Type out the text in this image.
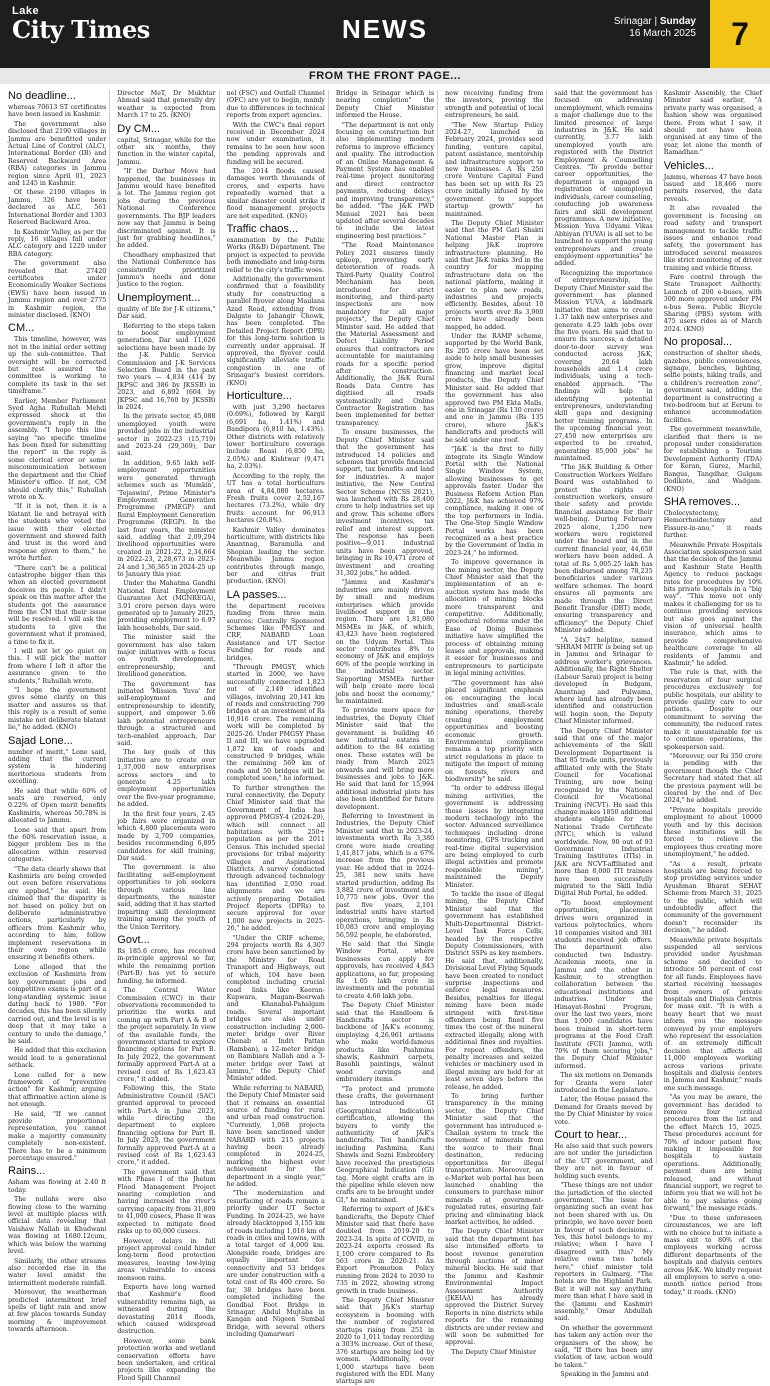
Lake
City Times	NEWS	Srinagar | Sunday
16 March 2025	7
FROM THE FRONT PAGE...
No deadline...

whereas 70613 ST certificates have been issued in Kashmir.

The government also disclosed that 2190 villages in Jammu are benefitted under Actual Line of Control (ALC), International Border (IB) and Reserved Backward Area (RBA) categories in Jammu region since April 01, 2023 and 1245 in Kashmir.

Of these 2190 villages in Jammu, 326 have been declared as ALC, 561 International Border and 1303 Reserved Backward Area.

In Kashmir Valley, as per the reply, 16 villages fall under ALC category and 1229 under RBA category.

The government also revealed that 27420 certificates under Economically Weaker Sections (EWS) have been issued in Jammu region and over 2775 in Kashmir region, the minister disclosed. (KNO)

CM...

This timeline, however, was not in the initial order setting up the sub-committee. That oversight will be corrected but rest assured the committee is working to complete its task in the set timeframe."

Earlier, Member Parliament Syed Agha Ruhullah Mehdi expressed shock at the government's reply in the assembly. "I hope this line saying "no specific timeline has been fixed for submitting the report" in the reply is some clerical error or some miscommunication between the department and the Chief Minister's office. If not, CM should clarify this," Ruhullah wrote on X.

"If it is not, then it is a blatant lie and betrayal with the students who voted the issue with their elected government and showed faith and trust in the word and response given to them," he wrote further.

"There can't be a political catastrophe bigger than this when an elected government deceives its people. I didn't speak on this matter after the students got the assurance from the CM that their issue will be resolved. I will ask the students to give the government what it promised, a time to fix it.

I will not let go quiet on this. I will pick the matter from where I left it after the assurance given to the students," Ruhullah wrote.

"I hope the government gives some clarity on this matter and assures us that this reply is a result of some mistake not deliberate blatant lie," he added. (KNO)

Sajad Lone...

number of merit," Lone said, adding that the current system is hindering meritorious students from excelling.

He said that while 60% of seats are reserved, only 0.22% of Open merit benefits Kashmiris, whereas 50.78% is allocated to Jammu.

Lone said that apart from the 60% reservation issue, a bigger problem lies in the allocation within reserved categories.

"The data clearly shows that Kashmiris are being crowded out even before reservations are applied," he said. He claimed that the disparity is not based on policy but on deliberate administrative actions, particularly by officers from Kashmir who, according to him, follow implement reservations in their own region while ensuring it benefits others.

Lone alleged that the exclusion of Kashmiris from key government jobs and competitive exams is part of a long-standing systemic issue dating back to 1989. "For decades, this has been silently carried out, and the level is so deep that it may take a century to undo the damage," he said.

He added that this exclusion would lead to a generational setback.

Lone called for a new framework of "preventive action" for Kashmir, arguing that affirmative action alone is not enough.

He said, "If we cannot provide proportional representation, you cannot make a majority community completely non-existent. There has to be a minimum percentage ensured."

Rains...

Asham was flowing at 2.40 ft today.

The nullahs were also flowing close to the warning level at multiple places with official data revealing that Vaishaw Nallah in Khudwani was flowing at 1680.12cum, which was below the warning level.

Similarly, the other streams also recorded rise in the water level amidst the intermittent moderate rainfall.

Moreover, the weatherman predicted intermittent brief spells of light rain and snow at few places towards Sunday morning & improvement towards afternoon.

Director MeT, Dr Mukhtar Ahmad said that generally dry weather is expected from March 17 to 25. (KNO)

Dy CM...

capital, Srinagar, while for the other six months, they function in the winter capital, Jammu.

"If the Darbar Move had happened, the businesses in Jammu would have benefited a lot. The Jammu region got jobs during the previous National Conference governments. The BJP leaders now say that Jammu is being discriminated against. It is just for grabbing headlines," he added.

Choudhary emphasized that the National Conference has consistently prioritized Jammu's needs and done justice to the region.

Unemployment...

quality of life for J-K citizens," Dar said.

Referring to the steps taken to boost employment generation, Dar said 11,626 selections have been made by the J-K Public Service Commission and J-K Services Selection Board in the past two years — 4,834 (414 by JKPSC and 386 by JKSSB) in 2023, and 6,892 (604 by JKPSC and 16,760 by JKSSB) in 2024.

In the private sector, 45,088 unemployed youth were provided jobs in the industrial sector in 2022-23 (15,719) and 2023-24 (29,369), Dar said.

In addition, 9.65 lakh self-employment opportunities were generated through schemes such as 'Mumkin', 'Tejaswini', Prime Minister's Employment Generation Programme (PMEGP) and Rural Employment Generation Programme (REGP). In the last four years, the minister said, adding that 2,09,294 livelihood opportunities were created in 2021-22, 2,34,664 in 2022-23, 2,28,673 in 2023-24 and 1,36,365 in 2024-25 up to January this year.

Under the Mahatma Gandhi National Rural Employment Guarantee Act (MGNREGA), 3.01 crore person days were generated up to January 2025, providing employment to 6.97 lakh households, Dar said.

The minister said the government has also taken major initiatives with a focus on youth development, entrepreneurship, and livelihood generation.

The government has initiated 'Mission Yuva' for self-employment and entrepreneurship to identify, support, and empower 5.66 lakh potential entrepreneurs through a structured and tech-enabled approach, Dar said.

The key goals of this initiative are to create over 1,37,000 new enterprises across sectors and to generate 4.25 lakh employment opportunities over the five-year programme, he added.

In the first four years, 2.45 job fairs were organized in which 4,800 placements were made by 2,709 companies, besides recommending 6,895 candidates for skill training, Dar said.

The government is also facilitating self-employment opportunities to job seekers through various line departments, the minister said, adding that it has started imparting skill development training among the youth of the Union Territory.

Govt...

Rs 185.6 crore, has received in-principle approval so far, while the remaining portion (Part-B) has yet to secure funding, he informed.

The Central Water Commission (CWC) in their observations recommended to prioritize the works and coming up with Part A & B of the project separately. In view of the available funds, the government started to explore financing options for Part B. In July 2022, the government formally approved Part-A at a revised cost of Rs 1,623.43 crore," it added.

Following this, the State Administrative Council (SAC) granted approval to proceed with Part-A in June 2023, while directing the department to explore financing options for Part B. In July 2023, the government formally approved Part-A at a revised cost of Rs 1,623.43 crore," it added.

The government said that with Phase I of the Jhelum Flood Management Project nearing completion and having increased the river's carrying capacity from 31,800 to 41,000 cusecs, Phase II was expected to mitigate flood risks up to 60,000 cusecs.

However, delays in full project approval could hinder long-term flood protection measures, leaving low-lying areas vulnerable to excess monsoon rains.

Experts have long warned that Kashmir's flood vulnerability remains high, as witnessed during the devastating 2014 floods, which caused widespread destruction.

However, some bank protection works and wetland conservation efforts have been undertaken, and critical projects like expanding the Flood Spill Channel

nel (FSC) and Outfall Channel (OFC) are yet to begin, mainly due to differences in technical reports from expert agencies.

With the CWC's final report received in December 2024 now under examination, it remains to be seen how soon the pending approvals and funding will be secured.

The 2014 floods caused damages worth thousands of crores, and experts have repeatedly warned that a similar disaster could strike if flood management projects are not expedited. (KNO)

Traffic chaos...

examination by the Public Works (R&B) Department. The project is expected to provide both immediate and long-term relief to the city's traffic woes.

Additionally, the government confirmed that a feasibility study for constructing a parallel flyover along Maulana Azad Road, extending from Dalgate to Jahangir Chowk, has been completed. The Detailed Project Report (DPR) for this long-term solution is currently under appraisal. If approved, the flyover could significantly alleviate traffic congestion in one of Srinagar's busiest corridors. (KNO)

Horticulture...

with just 3,290 hectares (0.69%), followed by Kargil (6,691 ha, 1.41%) and Bandipora (6,810 ha, 1.43%). Other districts with relatively lower horticulture coverage include Reasi (6,850 ha, 2.05%) and Kishtwar (9,471 ha, 2.03%).

According to the reply, the UT has a total horticulture area of 4,84,080 hectares. Fresh fruits cover 2,52,167 hectares (73.2%), while dry fruits account for 96,913 hectares (26.8%).

Kashmir Valley dominates horticulture, with districts like Anantnag, Baramulla and Shopian leading the sector. Meanwhile Jammu region contributes through mango, ber and citrus fruit production. (KNO)

LA passes...

the department receives funding from three main sources: Centrally Sponsored Schemes like PMGSY and CRF, NABARD Loan Assistance and UT Sector Funding for roads and bridges.

"Through PMGSY, which started in 2000, we have successfully connected 1,823 out of 2,149 identified villages, involving 20,141 km of roads and constructing 799 bridges at an investment of Rs 10,916 crore. The remaining work will be completed by 2025-26. Under PMGSY Phase II and III, we have upgraded 1,872 km of roads and constructed 9 bridges, while the remaining 569 km of roads and 50 bridges will be completed soon," he informed.

To further strengthen the rural connectivity, the Deputy Chief Minister said that the Government of India has approved PMGSY-4 (2024-29), which will connect all habitations with 250+ population as per the 2011 Census. This included special provisions for tribal majority villages and Aspirational Districts. A survey conducted through advanced technology has identified 2,050 road alignments and we are actively preparing Detailed Project Reports (DPRs) to secure approval for over 1,000 new projects in 2025-26," he added.

"Under the CRIF scheme, 294 projects worth Rs 4,307 crore have been sanctioned by the Ministry for Road Transport and Highways, out of which, 104 have been completed including crucial road links like Keeran-Kupwara, Magam-Beerwah and Khanabal-Pahalgam roads. Several important bridges are also under construction including 2,000-meter bridge over River Chenab at Indri Pattan (Ramban), a 12-meter bridge on Rambiara Nallah and a 3-meter bridge over Tawi at Jammu," the Deputy Chief Minister added.

While referring to NABARD, the Deputy Chief Minister said that it remains an essential source of funding for rural and urban road construction. "Currently, 1,068 projects have been sanctioned under NABARD with 215 projects having been already completed in 2024-25, marking the highest ever achievement for the department in a single year," he added.

"The modernization and resurfacing of roads remain a priority under UT Sector Funding. In 2024-25, we have already blacktopped 3,155 km of roads including 1,016 km of roads in cities and towns, with a total target of 4,000 km. Alongside roads, bridges are equally important for connectivity and 53 bridges are under construction with a total cost of Rs 400 crore. So far, 38 bridges have been completed including the Gondbal Foot Bridge in Srinagar, Abdul Mujtaba in Kangan and Nigeen Sumbal Bridge, with several others including Qamarwari

Bridge in Srinagar which is nearing completion" the Deputy Chief Minister informed the House.

"The department is not only focusing on construction but also implementing modern reforms to improve efficiency and quality. The introduction of an Online Management & Payment System has enabled real-time project monitoring and direct contractor payments, reducing delays and improving transparency," he added. "The J&K PWD Manual 2021 has been updated after several decades to include the latest engineering best practices."

"The Road Maintenance Policy 2021 ensures timely upkeep, preventing early deterioration of roads. A Third-Party Quality Control Mechanism has been introduced for strict monitoring, and third-party inspections are now mandatory for all major projects", the Deputy Chief Minister said. He added that the Material Assessment and Defect Liability Period ensures that contractors are accountable for maintaining roads for a specific period after construction. Additionally, the J&K Rural Roads Data Centre has digitised all roads systematically and Online Contractor Registration has been implemented for better transparency.

To ensure businesses, the Deputy Chief Minister said that the government has introduced 14 policies and schemes that provide financial support, tax benefits and land for industries. A major initiative, the New Central Sector Scheme (NCSS 2021), was launched with Rs 28,400 crore to help industries set up and grow. This scheme offers investment incentives, tax relief and interest support. The response has been positive—9,011 industrial units have been approved, bringing in Rs 10,471 crore of investment and creating 31,302 jobs," he added.

"Jammu and Kashmir's industries are mainly driven by small and medium enterprises which provide livelihood support in the region. There are 1,81,080 MSMEs in J&K, of which, 43,423 have been registered on the Udyam Portal. This sector contributes 8% to economy of J&K and employs 60% of the people working in the industrial sector. Supporting MSMEs further will help create more local jobs and boost the economy," he maintained.

To provide more space for industries, the Deputy Chief Minister said that the government is building 46 new industrial estates in addition to the 84 existing ones. These estates will be ready from March 2025 onwards and will bring more businesses and jobs to J&K. He said that land for 15,994 additional industrial plots has also been identified for future development.

Referring to Investment in Industries, the Deputy Chief Minister said that in 2023-24, investments worth Rs 3,380 crore were made creating 1,41,817 jobs, which is a 67% increase from the previous year. He added that in 2024-25, 381 new units have started production, adding Rs 3,882 crore of investment and 10,775 new jobs. Over the past five years, 2,101 industrial units have started operations, bringing in Rs 10,083 crore and employing 56,592 people, he elaborated.

He said that the Single Window Portal, where businesses can apply for approvals, has received 4,843 applications, so far, proposing Rs 1.05 lakh crore in investments and the potential to create 4.66 lakh jobs.

The Deputy Chief Minister said that the Handloom & Handicrafts sector is backbone of J&K's economy, employing 4,26,961 artisans who make world-famous products like Pashmina shawls, Kashmiri carpets, Basohli paintings, walnut wood carvings and embroidery items.

"To protect and promote these crafts, the government has introduced GI (Geographical Indication) certification, allowing the buyers to verify the authenticity of J&K's handicrafts. Ten handicrafts including Pashmina, Kani Shawls and Sozni Embroidery have received the prestigious Geographical Indication (GI) tag. More eight crafts are in the pipeline while eleven new crafts are to be brought under GI," he maintained.

Referring to export of J&K's handicrafts, the Deputy Chief Minister said that there have doubled from 2019-20 to 2023-24. In spite of COVID, in 2023-24 exports crossed Rs 1,100 crore compared to Rs 563 crore in 2020-21. An Export Promotion Policy running from 2024 to 2030 to 735 in 2022, showing strong growth in trade business.

The Deputy Chief Minister said that J&K's startup ecosystem is booming with the number of registered startups rising from 251 in 2020 to 1,011 today recording a 303% increase. Out of these, 376 startups are being led by women. Additionally, over 1,000 startups have been registered with the EDI. Many startups are

now receiving funding from the investors, proving the strength and potential of local entrepreneurs, he said.

"The New Startup Policy 2024-27, launched in February 2024, provides seed funding, venture capital, patent assistance, mentorship and infrastructure support to new businesses. A Rs 250 crore Venture Capital Fund has been set up with Rs 25 crore initially infused by the government to support startup growth" he maintained.

The Deputy Chief Minister said that the PM Gati Shakti National Master Plan is helping J&K improve infrastructure planning. He said that J&K ranks 3rd in the country for mapping infrastructure data on the national platform, making it easier to plan new roads, industries and projects efficiently. Besides, about 10 projects worth over Rs 3,900 crore have already been mapped, he added.

Under the RAMP scheme, supported by the World Bank, Rs 205 crore have been set aside to help small businesses grow, improve digital financing and market local products, the Deputy Chief Minister said. He added that the government has also approved two PM Ekta Malls, one in Srinagar (Rs 130 crore) and one in Jammu (Rs 135 crore), where J&K's handicrafts and products will be sold under one roof.

"J&K is the first to fully integrate its Single Window Portal with the National Single Window System, allowing businesses to get approvals faster. Under the Business Reform Action Plan 2022, J&K has achieved 97% compliance, making it one of the top performers in India. The One-Stop Single Window Portal works has been recognized as a best practice by the Government of India in 2023-24," he informed.

To improve governance in the mining sector, the Deputy Chief Minister said that the implementation of an e-auction system has made the allocation of mining blocks more transparent and competitive. Additionally, procedural reforms under the Ease of Doing Business initiative have simplified the process of obtaining mining leases and approvals, making it easier for businesses and entrepreneurs to participate in legal mining activities.

"The government has also placed significant emphasis on encouraging the local industries and small-scale mining operations, thereby creating employment opportunities and boosting economic growth. Environmental compliance remains a top priority with strict regulations in place to mitigate the impact of mining on forests, rivers and biodiversity" he said.

"In order to address illegal mining activities, the government is addressing these issues by integrating modern technology into the sector. Advanced surveillance techniques including drone monitoring, GPS tracking and real-time digital supervision are being employed to curb illegal activities and promote responsible mining", maintained the Deputy Minister.

To tackle the issue of illegal mining, the Deputy Chief Minister said that the government has established Multi-Departmental District-Level Task Force Cells, headed by the respective Deputy Commissioners, with District SSPs as key members. He said that, additionally, Divisional Level Flying Squads have been created to conduct surprise inspections and enforce legal measures. Besides, penalties for illegal mining have been made stringent with first-time offenders being fined five times the cost of the mineral extracted illegally, along with additional fines and royalties. For repeat offenders, the penalty increases and seized vehicles or machinery used in illegal mining are held for at least seven days before the release, he added.

To bring further transparency in the mining sector, the Deputy Chief Minister said that the government has introduced e-Challan system to track the movement of minerals from the source to their final destination, reducing opportunities for illegal transportation. Moreover, an e-Market web portal has been launched enabling the consumers to purchase minor minerals at government-regulated rates, ensuring fair pricing and eliminating black market activities, he added.

The Deputy Chief Minister said that the department has also intensified efforts to boost revenue generation through auctions of minor mineral blocks. He said that the Jammu and Kashmir Environmental Impact Assessment Authority (JKEIAA) has already approved the District Survey Reports in nine districts while reports for the remaining districts are under review and will soon be submitted for approval.

The Deputy Chief Minister

said that the government has focused on addressing unemployment, which remains a major challenge due to the limited presence of large industries in J&K. He said currently, 3.77 lakh unemployed youth are registered with the District Employment & Counselling Centres. "To provide better career opportunities, the department is engaged in registration of unemployed individuals, career counseling, conducting job awareness fairs and skill development programmes. A new initiative, Mission Yuva Udyami Vikas Abhiyan (YUVA) is all set to be launched to support the young entrepreneurs and create employment opportunities" he added.

Recognizing the importance of entrepreneurship, the Deputy Chief Minister said the government has planned Mission YUVA, a landmark initiative that aims to create 1.37 lakh new enterprises and generate 4.25 lakh jobs over the five years. He said that to ensure its success, a detailed door-to-door survey was conducted across J&K, covering 20.64 lakh households and 1.4 crore individuals, using a tech-enabled approach. "The findings will help in identifying potential entrepreneurs, understanding skill gaps and designing better training programs. In the upcoming financial year, 27,450 new enterprises are expected to be created, generating 85,000 jobs" he maintained.

"The J&K Building & Other Construction Workers Welfare Board was established to protect the rights of construction workers, ensure their safety and provide financial assistance for their well-being. During February 2025 alone, 1,250 new workers were registered under the board and in the current financial year, 44,658 workers have been added. A total of Rs 5,005.25 lakh has been disbursed among 78,235 beneficiaries under various welfare schemes. The board ensures all payments are made through the Direct Benefit Transfer (DBT) mode, ensuring transparency and efficiency" the Deputy Chief Minister added.

"A 24x7 helpline, named 'SHRAM MITR' is being set up in Jammu and Srinagar to address worker's grievances. Additionally, the Right Shelter (Labour Sarai) project is being developed in Budgam, Anantnag and Pulwama, where land has already been identified and construction will begin soon, the Deputy Chief Minister informed.

The Deputy Chief Minister said that one of the major achievements of the Skill Development Department is that 85 trade units, previously affiliated only with the State Council for Vocational Training, are now being recognized by the National Council for Vocational Training (NCVT). He said this change makes 1850 additional students eligible for the National Trade Certificate (NTC), which is valued worldwide. Now, 90 out of 93 Government Industrial Training Institutes (ITIs) in J&K are NCVT-affiliated and more than 8,000 ITI trainees have been successfully migrated to the Skill India Digital Hub Portal, he added.

"To boost employment opportunities, placement drives were organized in various polytechnics, where 10 companies visited and 381 students received job offers. The department also conducted two Industry-Academia meets, one in Jammu and the other in Kashmir, to strengthen collaboration between the educational institutions and industries. Under the Himayat-Roshni Program, over the last two years, more than 1,000 candidates have been trained in short-term programs at the Food Craft Institute (FCI) Jammu, with 70% of them securing jobs," the Deputy Chief Minister informed.

The six motions on Demands for Grants were later introduced in the Legislature.

Later, the House passed the Demand for Grants moved by the Dy Chief Minister by voice vote.

Court to hear...

He also said that such powers are not under the jurisdiction of the UT government, and they are not in favour of holding such events.

"These things are not under the jurisdiction of the elected government. The issue for organizing such an event has not been shared with us. On principle, we have never been in favour of such decisions... Yes, this hotel belongs to my relative; when I have I disagreed with this? My relative owns two hotels here," chief minister told reporters in Gulmarg. "The hotels are the Highland Park. But it will not say anything more than what I have said in the (Jammu and Kashmir) assembly," Omar Abdullah said.

On whether the government has taken any action over the organisers of the show, he said, "If there has been any violation of law, action would be taken."

Speaking in the Jammu and

Kashmir Assembly, the Chief Minister said earlier, "A private party was organised, a fashion show was organised there. From what I saw, it should not have been organised at any time of the year, let alone the month of Ramadhan."

Vehicles...

Jammu, whereas 47 have been issued and 18,466 more permits reserved, the data reveals.

It also revealed the government is focusing on road safety and transport management to tackle traffic issues and enhance road safety, the government has introduced several measures like strict monitoring of driver training and vehicle fitness.

Fare control through the State Transport Authority. Launch of 200 e-buses, with 300 more approved under PM e-bus Sewa. Public Bicycle Sharing (PBS) system with 475 users rides as of March 2024. (KNO)

No proposal...

construction of shelter sheds, gazebos, public conveniences, signage, benches, lighting, selfie points, hiking trails, and a children's recreation zone", government said, adding the department is constructing a two-bedroom hut at Eerum to enhance accommodation facilities.

The government meanwhile, clarified that there is no proposal under consideration for establishing a Tourism Development Authority (TDA) for Keran, Gurez, Machil, Bangus, Tangdhar, Gulgam Dodikote, and Wadgam. (KNO)

SHA removes...

Cholecystectomy, Hemorrhoidectomy and Fissure-in-ano," it reads further.

Meanwhile Private Hospitals Association spokesperson said that the decision of the Jammu and Kashmir State Health Agency to reduce package rates for procedures by 10% hits private hospitals in a "big way". "This move not only makes it challenging for us to continue providing services but also goes against the vision of universal health insurance, which aims to provide comprehensive healthcare coverage to all residents of Jammu and Kashmir," he added.

The rule is that, with the reservation of four surgical procedures exclusively for public hospitals, our ability to provide quality care to our patients. Despite our commitment to serving the community, the reduced rates make it unsustainable for us to continue operations, the spokesperson said.

"Moreover, our Rs 350 crore is pending with the government though the Chief Secretary had stated that all the previous payment will be cleared by the end of Dec 2024," he added.

"Private hospitals provide employment to about 10000 youth and by this decision these institutions will be forced to relieve the employees thus creating more unemployment," he added.

"As a result, private hospitals are being forced to stop providing services under Ayushman Bharat SEHAT Scheme from March 31, 2025 to the public, which will undoubtedly affect the community of the government doesn't reconsider its decision," he added.

Meanwhile private hospitals suspended all services provided under Ayushman scheme and decided to introduce 50 percent of cost for all funds. Employees have started receiving messages from owners of private hospitals and Dialysis Centres for mass exit. "It is with a heavy heart that we must inform you the message conveyed by your employers who represent the association of an extremely difficult decision that affects all 11,000 employees working across various private hospitals and dialysis centers in Jammu and Kashmir," reads one such message.

"As you may be aware, the government has decided to remove four critical procedures from the list and the effect March 15, 2025. These procedures account for 70% of indoor patient flow, making it impossible for hospitals to sustain operations. Additionally, payment dues are being released, and without financial support, we regret to inform you that we will not be able to pay salaries going forward," the message reads.

"Due to these unforeseen circumstances, we are left with no choice but to initiate a mass exit to 80% of the employees working across different departments of the hospitals and dialysis centers across J&K. We kindly request all employees to serve a one-month notice period from today," it reads. (KNO)
